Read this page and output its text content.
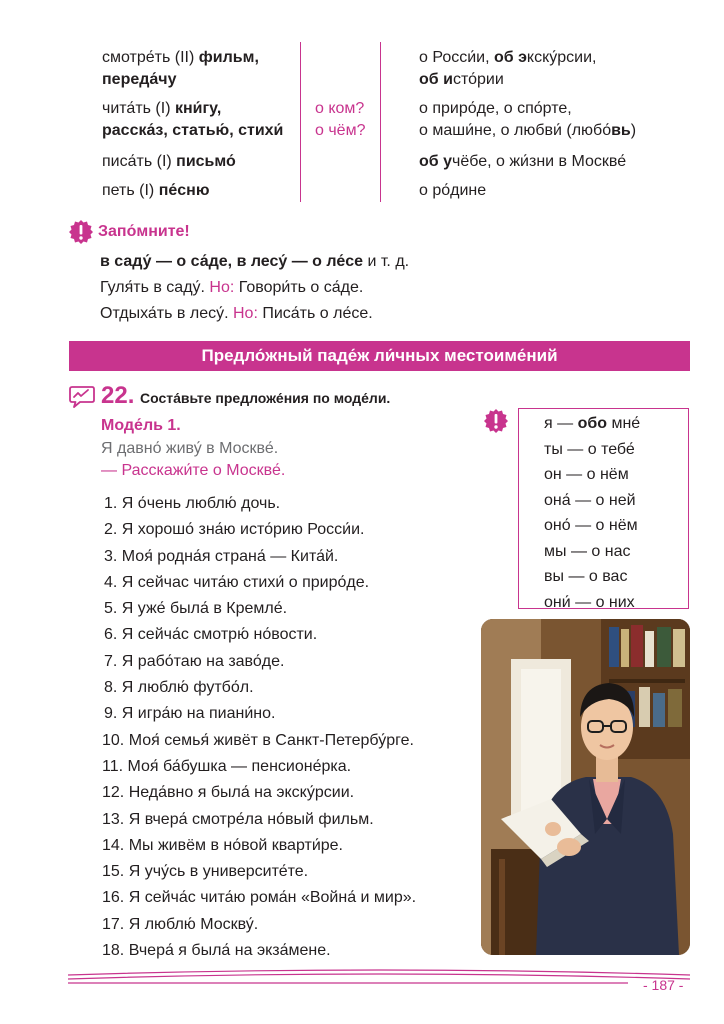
смотре́ть (II) фильм,
переда́чу
о Росси́и, об экску́рсии,
об исто́рии
чита́ть (I) кни́гу,
расска́з, статью́, стихи́
о ком?
о чём?
о приро́де, о спо́рте,
о маши́не, о любви́ (любо́вь)
писа́ть (I) письмо́	об учёбе, о жи́зни в Москве́
петь (I) пе́сню	о ро́дине
Запо́мните!
в саду́ — о са́де, в лесу́ — о ле́се и т. д.
Гуля́ть в саду́. Но: Говори́ть о са́де.
Отдыха́ть в лесу́. Но: Писа́ть о ле́се.
Предло́жный паде́ж ли́чных местоиме́ний
22. Соста́вьте предложе́ния по моде́ли.
Моде́ль 1.
Я давно́ живу́ в Москве́.
— Расскажи́те о Москве́.
1. Я о́чень люблю́ дочь.
2. Я хорошо́ зна́ю исто́рию Росси́и.
3. Моя́ родна́я страна́ — Кита́й.
4. Я сейчас чита́ю стихи́ о приро́де.
5. Я уже́ была́ в Кремле́.
6. Я сейча́с смотрю́ но́вости.
7. Я рабо́таю на заво́де.
8. Я люблю́ футбо́л.
9. Я игра́ю на пиани́но.
10. Моя́ семья́ живёт в Санкт-Петербу́рге.
11. Моя́ ба́бушка — пенсионе́рка.
12. Неда́вно я была́ на экску́рсии.
13. Я вчера́ смотре́ла но́вый фильм.
14. Мы живём в но́вой кварти́ре.
15. Я учу́сь в университе́те.
16. Я сейча́с чита́ю рома́н «Война́ и мир».
17. Я люблю́ Москву́.
18. Вчера́ я была́ на экза́мене.
я — обо мне́
ты — о тебе́
он — о нём
она́ — о ней
оно́ — о нём
мы — о нас
вы — о вас
они́ — о них
- 187 -
